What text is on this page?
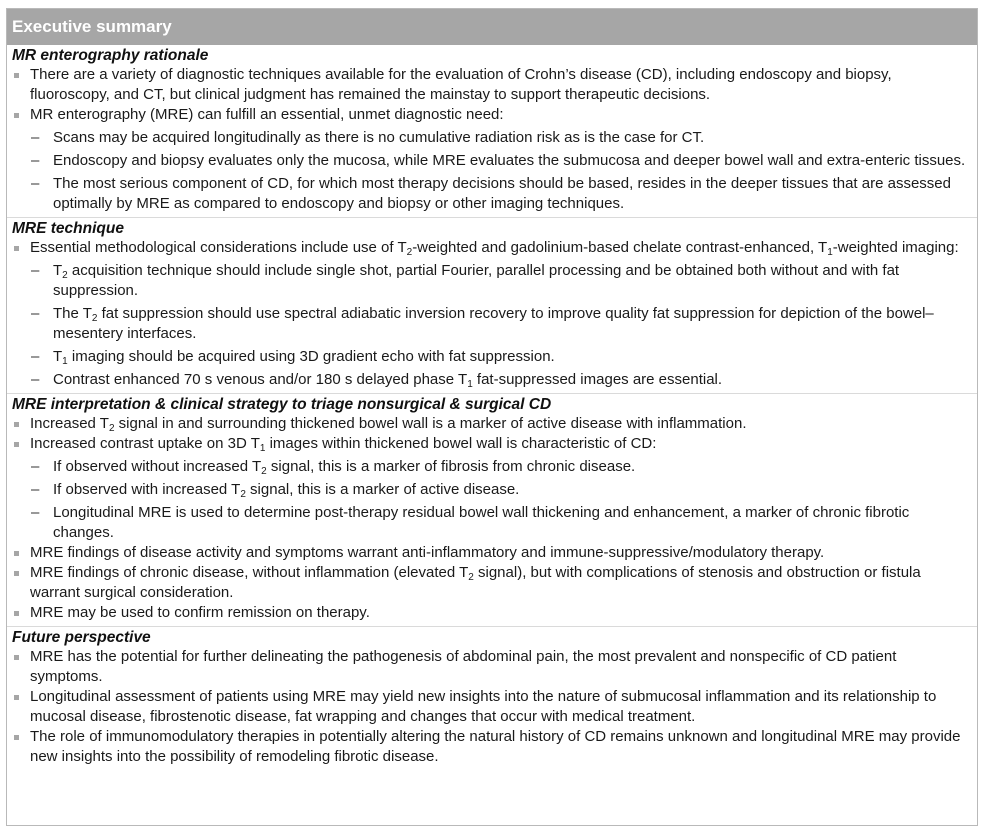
Executive summary
MR enterography rationale
There are a variety of diagnostic techniques available for the evaluation of Crohn’s disease (CD), including endoscopy and biopsy, fluoroscopy, and CT, but clinical judgment has remained the mainstay to support therapeutic decisions.
MR enterography (MRE) can fulfill an essential, unmet diagnostic need:
– Scans may be acquired longitudinally as there is no cumulative radiation risk as is the case for CT.
– Endoscopy and biopsy evaluates only the mucosa, while MRE evaluates the submucosa and deeper bowel wall and extra-enteric tissues.
– The most serious component of CD, for which most therapy decisions should be based, resides in the deeper tissues that are assessed optimally by MRE as compared to endoscopy and biopsy or other imaging techniques.
MRE technique
Essential methodological considerations include use of $T_2$-weighted and gadolinium-based chelate contrast-enhanced, $T_1$-weighted imaging:
– $T_2$ acquisition technique should include single shot, partial Fourier, parallel processing and be obtained both without and with fat suppression.
– The $T_2$ fat suppression should use spectral adiabatic inversion recovery to improve quality fat suppression for depiction of the bowel–mesentery interfaces.
– $T_1$ imaging should be acquired using 3D gradient echo with fat suppression.
– Contrast enhanced 70 s venous and/or 180 s delayed phase $T_1$ fat-suppressed images are essential.
MRE interpretation & clinical strategy to triage nonsurgical & surgical CD
Increased $T_2$ signal in and surrounding thickened bowel wall is a marker of active disease with inflammation.
Increased contrast uptake on 3D $T_1$ images within thickened bowel wall is characteristic of CD:
– If observed without increased $T_2$ signal, this is a marker of fibrosis from chronic disease.
– If observed with increased $T_2$ signal, this is a marker of active disease.
– Longitudinal MRE is used to determine post-therapy residual bowel wall thickening and enhancement, a marker of chronic fibrotic changes.
MRE findings of disease activity and symptoms warrant anti-inflammatory and immune-suppressive/modulatory therapy.
MRE findings of chronic disease, without inflammation (elevated $T_2$ signal), but with complications of stenosis and obstruction or fistula warrant surgical consideration.
MRE may be used to confirm remission on therapy.
Future perspective
MRE has the potential for further delineating the pathogenesis of abdominal pain, the most prevalent and nonspecific of CD patient symptoms.
Longitudinal assessment of patients using MRE may yield new insights into the nature of submucosal inflammation and its relationship to mucosal disease, fibrostenotic disease, fat wrapping and changes that occur with medical treatment.
The role of immunomodulatory therapies in potentially altering the natural history of CD remains unknown and longitudinal MRE may provide new insights into the possibility of remodeling fibrotic disease.
